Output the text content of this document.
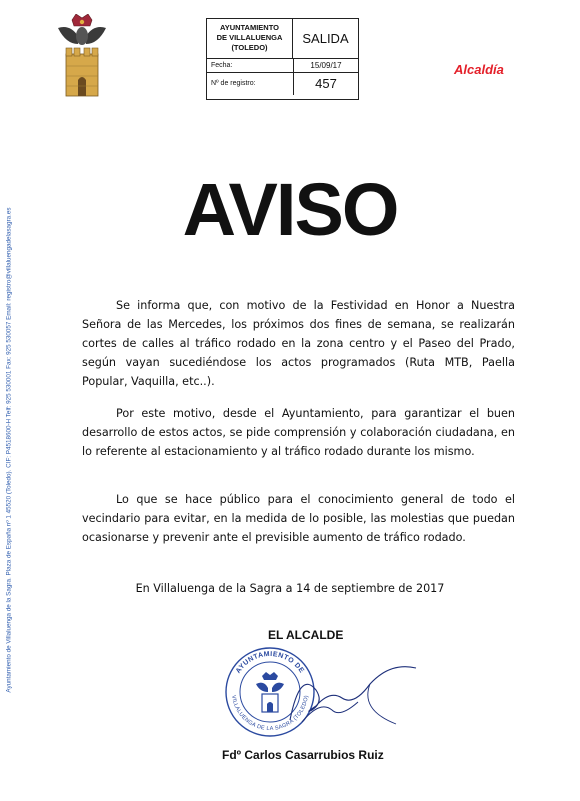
AYUNTAMIENTO
DE VILLALUENGA
(TOLEDO)
SALIDA
Fecha:	15/09/17
Nº de registro:	457
Alcaldía
Ayuntamiento de Villaluenga de la Sagra. Plaza de España nº 1 45520 (Toledo). CIF: P4518600-H Telf: 925 530001 Fax: 925 530057 Email: registro@villaluengadelasagra.es	AVISO

Se informa que, con motivo de la Festividad en Honor a Nuestra Señora de las Mercedes, los próximos dos fines de semana, se realizarán cortes de calles al tráfico rodado en la zona centro y el Paseo del Prado, según vayan sucediéndose los actos programados (Ruta MTB, Paella Popular, Vaquilla, etc..).

Por este motivo, desde el Ayuntamiento, para garantizar el buen desarrollo de estos actos, se pide comprensión y colaboración ciudadana, en lo referente al estacionamiento y al tráfico rodado durante los mismo.

Lo que se hace público para el conocimiento general de todo el vecindario para evitar, en la medida de lo posible, las molestias que puedan ocasionarse y prevenir ante el previsible aumento de tráfico rodado.

En Villaluenga de la Sagra a 14 de septiembre de 2017
EL ALCALDE
AYUNTAMIENTO DE
VILLALUENGA DE LA SAGRA (TOLEDO)
Fdº Carlos Casarrubios Ruiz
